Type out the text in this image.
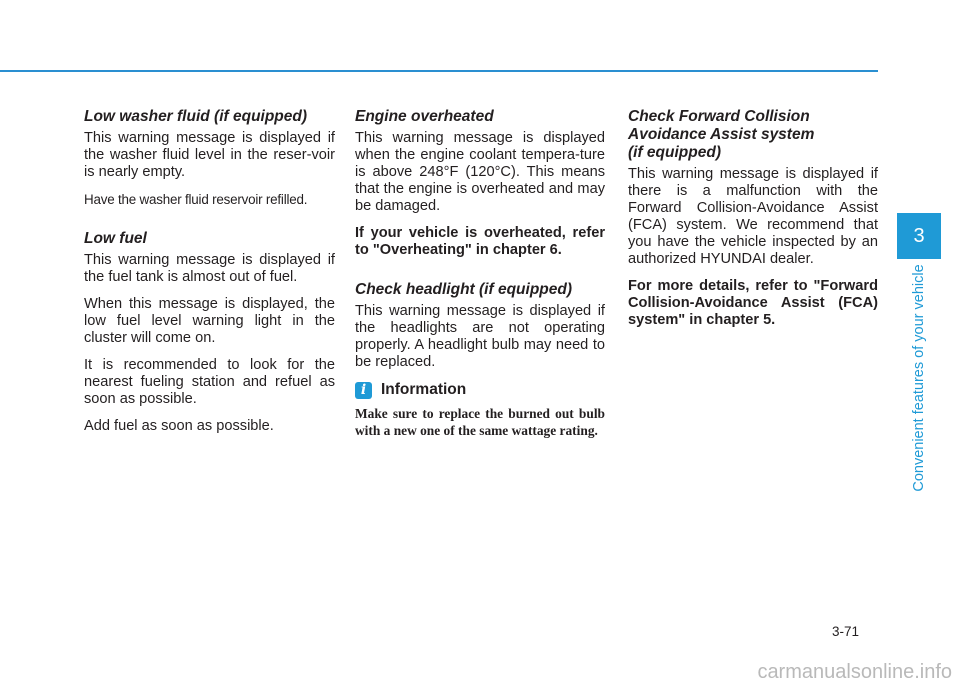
Low washer fluid (if equipped)

This warning message is displayed if the washer fluid level in the reser-voir is nearly empty.

Have the washer fluid reservoir refilled.

Low fuel

This warning message is displayed if the fuel tank is almost out of fuel.

When this message is displayed, the low fuel level warning light in the cluster will come on.

It is recommended to look for the nearest fueling station and refuel as soon as possible.

Add fuel as soon as possible.

Engine overheated

This warning message is displayed when the engine coolant tempera-ture is above 248°F (120°C). This means that the engine is overheated and may be damaged.

If your vehicle is overheated, refer to "Overheating" in chapter 6.

Check headlight (if equipped)

This warning message is displayed if the headlights are not operating properly. A headlight bulb may need to be replaced.

i Information

Make sure to replace the burned out bulb with a new one of the same wattage rating.

Check Forward Collision
Avoidance Assist system
(if equipped)

This warning message is displayed if there is a malfunction with the Forward Collision-Avoidance Assist (FCA) system. We recommend that you have the vehicle inspected by an authorized HYUNDAI dealer.

For more details, refer to "Forward Collision-Avoidance Assist (FCA) system" in chapter 5.

3
Convenient features of your vehicle
3-71
carmanualsonline.info
